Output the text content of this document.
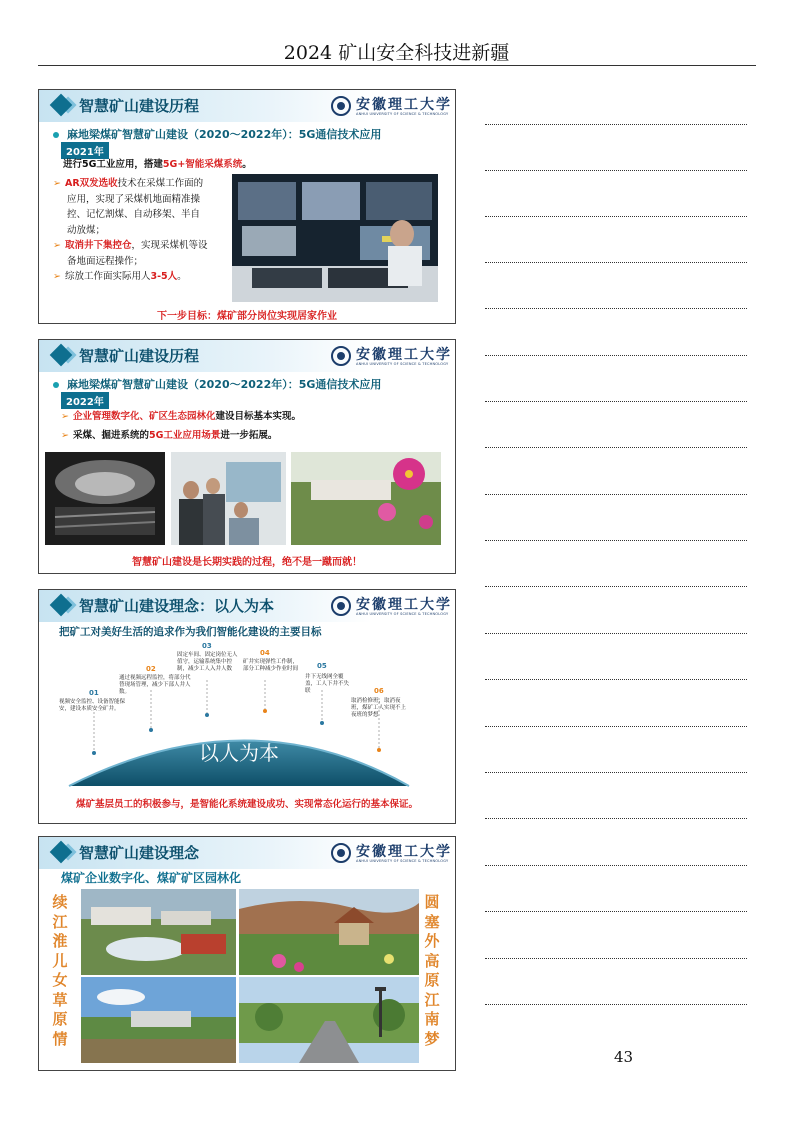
2024 矿山安全科技进新疆
智慧矿山建设历程	安徽理工大学
ANHUI UNIVERSITY OF SCIENCE & TECHNOLOGY
麻地梁煤矿智慧矿山建设（2020～2022年）：5G通信技术应用
2021年
进行5G工业应用，搭建5G+智能采煤系统。
➢ AR双发选收技术在采煤工作面的
应用，实现了采煤机地面精准操
控、记忆割煤、自动移架、半自
动放煤；
➢ 取消井下集控仓，实现采煤机等设
备地面远程操作；
➢ 综放工作面实际用人3-5人。
下一步目标：煤矿部分岗位实现居家作业
智慧矿山建设历程	安徽理工大学
ANHUI UNIVERSITY OF SCIENCE & TECHNOLOGY
麻地梁煤矿智慧矿山建设（2020～2022年）：5G通信技术应用
2022年
➢ 企业管理数字化、矿区生态园林化建设目标基本实现。
➢ 采煤、掘进系统的5G工业应用场景进一步拓展。
智慧矿山建设是长期实践的过程，绝不是一蹴而就！
智慧矿山建设理念：以人为本	安徽理工大学
ANHUI UNIVERSITY OF SCIENCE & TECHNOLOGY
把矿工对美好生活的追求作为我们智能化建设的主要目标
01
视频安全监控、设备智能保安，建设本质安全矿井。
02
通过视频远程监控，将部分代替现场管理，减少下部人井人数。
03
固定车间、固定岗位无人值守，运输系统集中控制，减少工人入井人数
04
矿井实现弹性工作制，部分工种减少作业时间	05
井下无线网全覆盖，工人下井不失联	06
取消检修班，取消夜班，煤矿工人实现不上夜班的梦想
以人为本
煤矿基层员工的积极参与，是智能化系统建设成功、实现常态化运行的基本保证。
智慧矿山建设理念	安徽理工大学
ANHUI UNIVERSITY OF SCIENCE & TECHNOLOGY
煤矿企业数字化、煤矿矿区园林化
续江淮儿女草原情
圆塞外高原江南梦
43
